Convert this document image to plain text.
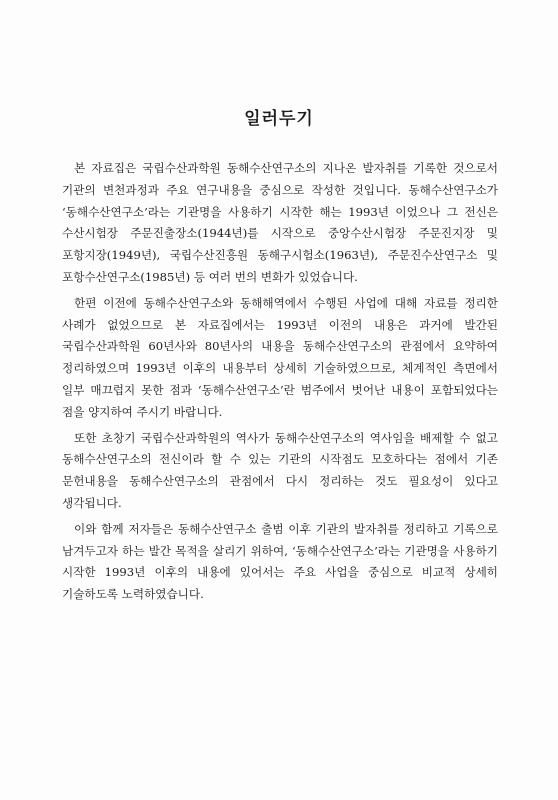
일러두기

본 자료집은 국립수산과학원 동해수산연구소의 지나온 발자취를 기록한 것으로서 기관의 변천과정과 주요 연구내용을 중심으로 작성한 것입니다. 동해수산연구소가 ‘동해수산연구소’라는 기관명을 사용하기 시작한 해는 1993년 이었으나 그 전신은 수산시험장 주문진출장소(1944년)를 시작으로 중앙수산시험장 주문진지장 및 포항지장(1949년), 국립수산진흥원 동해구시험소(1963년), 주문진수산연구소 및 포항수산연구소(1985년) 등 여러 번의 변화가 있었습니다.

한편 이전에 동해수산연구소와 동해해역에서 수행된 사업에 대해 자료를 정리한 사례가 없었으므로 본 자료집에서는 1993년 이전의 내용은 과거에 발간된 국립수산과학원 60년사와 80년사의 내용을 동해수산연구소의 관점에서 요약하여 정리하였으며 1993년 이후의 내용부터 상세히 기술하였으므로, 체계적인 측면에서 일부 매끄럽지 못한 점과 ‘동해수산연구소’란 범주에서 벗어난 내용이 포함되었다는 점을 양지하여 주시기 바랍니다.

또한 초창기 국립수산과학원의 역사가 동해수산연구소의 역사임을 배제할 수 없고 동해수산연구소의 전신이라 할 수 있는 기관의 시작점도 모호하다는 점에서 기존 문헌내용을 동해수산연구소의 관점에서 다시 정리하는 것도 필요성이 있다고 생각됩니다.

이와 함께 저자들은 동해수산연구소 출범 이후 기관의 발자취를 정리하고 기록으로 남겨두고자 하는 발간 목적을 살리기 위하여, ‘동해수산연구소’라는 기관명을 사용하기 시작한 1993년 이후의 내용에 있어서는 주요 사업을 중심으로 비교적 상세히 기술하도록 노력하였습니다.
